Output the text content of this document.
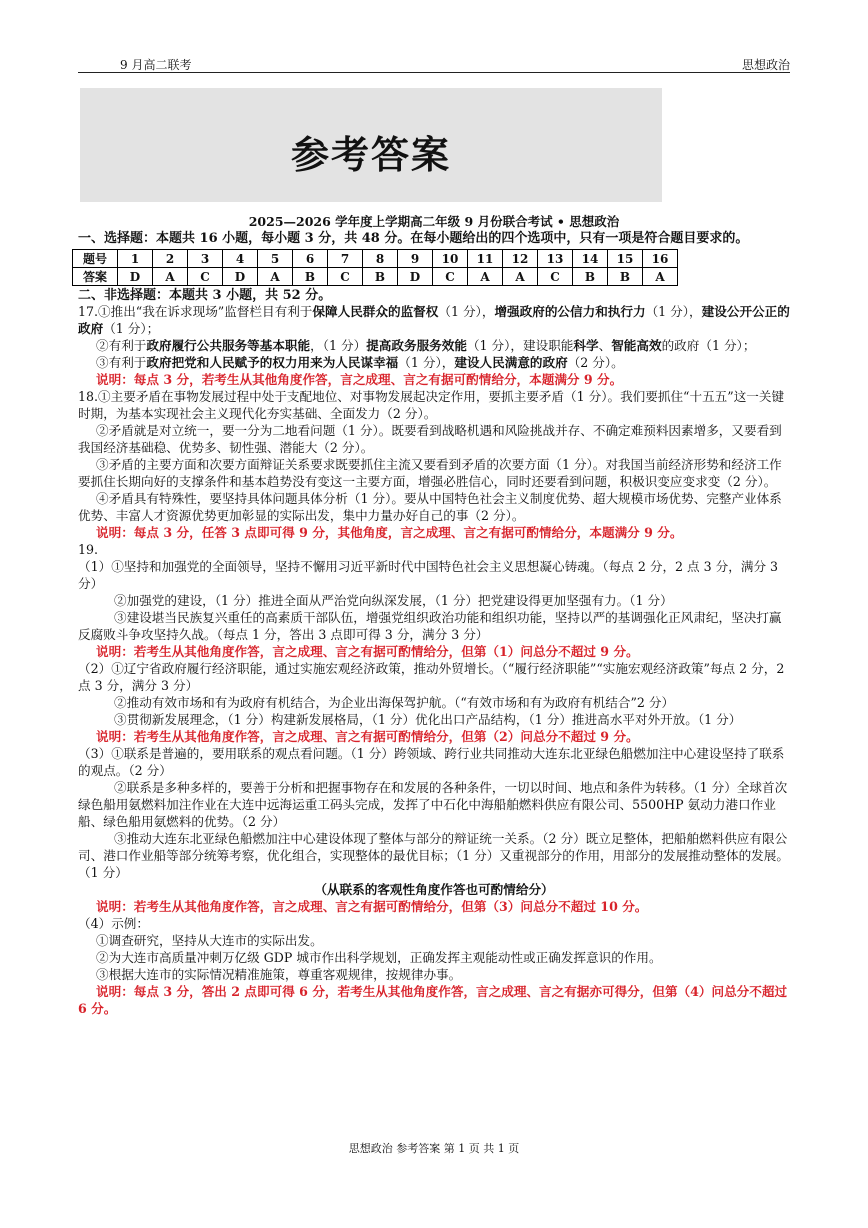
9 月高二联考	思想政治
参考答案
2025—2026 学年度上学期高二年级 9 月份联合考试 • 思想政治
一、选择题：本题共 16 小题，每小题 3 分，共 48 分。在每小题给出的四个选项中，只有一项是符合题目要求的。
题号	1	2	3	4	5	6	7	8	9	10	11	12	13	14	15	16
答案	D	A	C	D	A	B	C	B	D	C	A	A	C	B	B	A
二、非选择题：本题共 3 小题，共 52 分。

17.①推出“我在诉求现场”监督栏目有利于保障人民群众的监督权（1 分），增强政府的公信力和执行力（1 分），建设公开公正的政府（1 分）；

②有利于政府履行公共服务等基本职能，（1 分）提高政务服务效能（1 分），建设职能科学、智能高效的政府（1 分）；

③有利于政府把党和人民赋予的权力用来为人民谋幸福（1 分），建设人民满意的政府（2 分）。

说明：每点 3 分，若考生从其他角度作答，言之成理、言之有据可酌情给分，本题满分 9 分。

18.①主要矛盾在事物发展过程中处于支配地位、对事物发展起决定作用，要抓主要矛盾（1 分）。我们要抓住“十五五”这一关键时期，为基本实现社会主义现代化夯实基础、全面发力（2 分）。

②矛盾就是对立统一，要一分为二地看问题（1 分）。既要看到战略机遇和风险挑战并存、不确定难预料因素增多，又要看到我国经济基础稳、优势多、韧性强、潜能大（2 分）。

③矛盾的主要方面和次要方面辩证关系要求既要抓住主流又要看到矛盾的次要方面（1 分）。对我国当前经济形势和经济工作要抓住长期向好的支撑条件和基本趋势没有变这一主要方面，增强必胜信心，同时还要看到问题，积极识变应变求变（2 分）。

④矛盾具有特殊性，要坚持具体问题具体分析（1 分）。要从中国特色社会主义制度优势、超大规模市场优势、完整产业体系优势、丰富人才资源优势更加彰显的实际出发，集中力量办好自己的事（2 分）。

说明：每点 3 分，任答 3 点即可得 9 分，其他角度，言之成理、言之有据可酌情给分，本题满分 9 分。

19.

（1）①坚持和加强党的全面领导，坚持不懈用习近平新时代中国特色社会主义思想凝心铸魂。（每点 2 分，2 点 3 分，满分 3 分）

②加强党的建设，（1 分）推进全面从严治党向纵深发展，（1 分）把党建设得更加坚强有力。（1 分）

③建设堪当民族复兴重任的高素质干部队伍，增强党组织政治功能和组织功能，坚持以严的基调强化正风肃纪，坚决打赢反腐败斗争攻坚持久战。（每点 1 分，答出 3 点即可得 3 分，满分 3 分）

说明：若考生从其他角度作答，言之成理、言之有据可酌情给分，但第（1）问总分不超过 9 分。

（2）①辽宁省政府履行经济职能，通过实施宏观经济政策，推动外贸增长。（“履行经济职能”“实施宏观经济政策”每点 2 分，2 点 3 分，满分 3 分）

②推动有效市场和有为政府有机结合，为企业出海保驾护航。（“有效市场和有为政府有机结合”2 分）

③贯彻新发展理念，（1 分）构建新发展格局，（1 分）优化出口产品结构，（1 分）推进高水平对外开放。（1 分）

说明：若考生从其他角度作答，言之成理、言之有据可酌情给分，但第（2）问总分不超过 9 分。

（3）①联系是普遍的，要用联系的观点看问题。（1 分）跨领域、跨行业共同推动大连东北亚绿色船燃加注中心建设坚持了联系的观点。（2 分）

②联系是多种多样的，要善于分析和把握事物存在和发展的各种条件，一切以时间、地点和条件为转移。（1 分）全球首次绿色船用氨燃料加注作业在大连中远海运重工码头完成，发挥了中石化中海船舶燃料供应有限公司、5500HP 氨动力港口作业船、绿色船用氨燃料的优势。（2 分）

③推动大连东北亚绿色船燃加注中心建设体现了整体与部分的辩证统一关系。（2 分）既立足整体，把船舶燃料供应有限公司、港口作业船等部分统筹考察，优化组合，实现整体的最优目标；（1 分）又重视部分的作用，用部分的发展推动整体的发展。（1 分）

（从联系的客观性角度作答也可酌情给分）

说明：若考生从其他角度作答，言之成理、言之有据可酌情给分，但第（3）问总分不超过 10 分。

（4）示例：

①调查研究，坚持从大连市的实际出发。

②为大连市高质量冲刺万亿级 GDP 城市作出科学规划，正确发挥主观能动性或正确发挥意识的作用。

③根据大连市的实际情况精准施策，尊重客观规律，按规律办事。

说明：每点 3 分，答出 2 点即可得 6 分，若考生从其他角度作答，言之成理、言之有据亦可得分，但第（4）问总分不超过 6 分。

思想政治 参考答案 第 1 页 共 1 页
